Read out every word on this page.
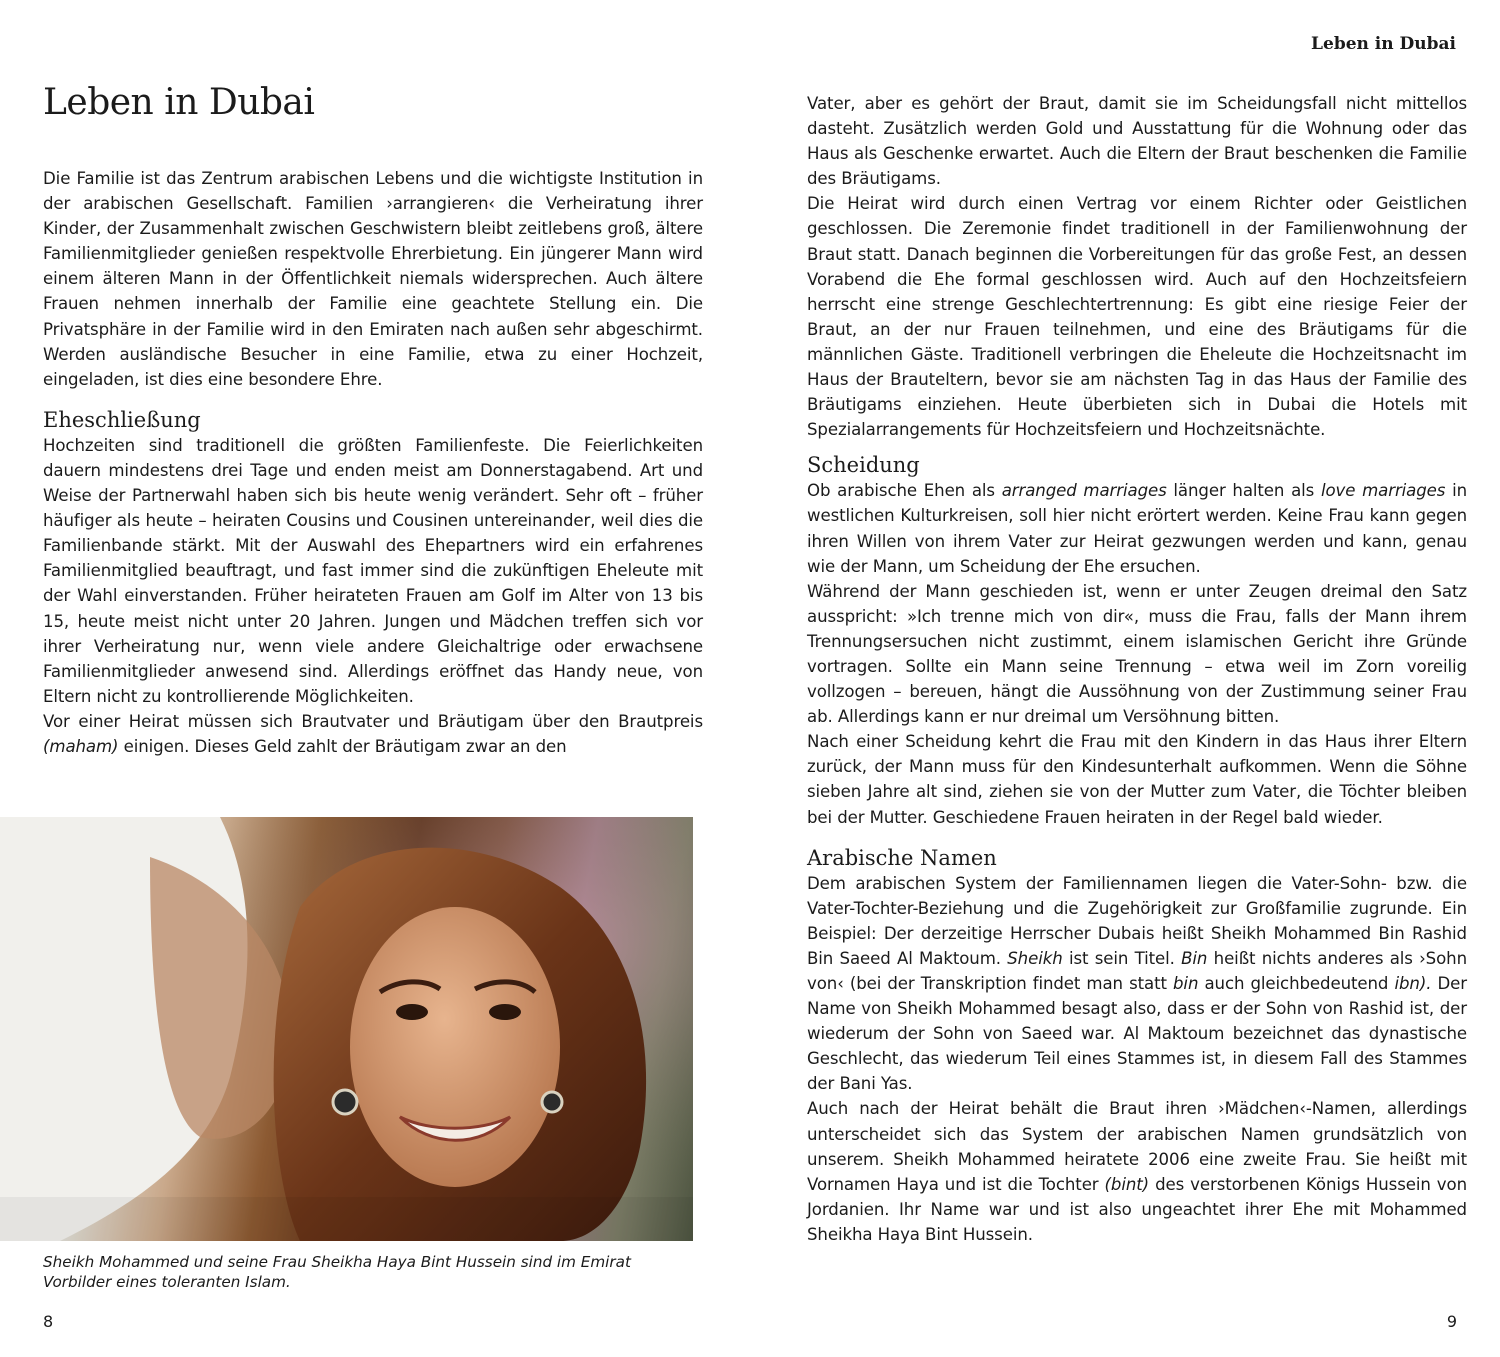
Leben in Dubai
Leben in Dubai

Die Familie ist das Zentrum arabischen Lebens und die wichtigste Institution in der arabischen Gesellschaft. Familien ›arrangieren‹ die Verheiratung ihrer Kinder, der Zusammenhalt zwischen Geschwistern bleibt zeitlebens groß, ältere Familienmitglieder genießen respektvolle Ehrerbietung. Ein jüngerer Mann wird einem älteren Mann in der Öffentlichkeit niemals widersprechen. Auch ältere Frauen nehmen innerhalb der Familie eine geachtete Stellung ein. Die Privatsphäre in der Familie wird in den Emiraten nach außen sehr abgeschirmt. Werden ausländische Besucher in eine Familie, etwa zu einer Hochzeit, eingeladen, ist dies eine besondere Ehre.

Eheschließung

Hochzeiten sind traditionell die größten Familienfeste. Die Feierlichkeiten dauern mindestens drei Tage und enden meist am Donnerstagabend. Art und Weise der Partnerwahl haben sich bis heute wenig verändert. Sehr oft – früher häufiger als heute – heiraten Cousins und Cousinen untereinander, weil dies die Familienbande stärkt. Mit der Auswahl des Ehepartners wird ein erfahrenes Familienmitglied beauftragt, und fast immer sind die zukünftigen Eheleute mit der Wahl einverstanden. Früher heirateten Frauen am Golf im Alter von 13 bis 15, heute meist nicht unter 20 Jahren. Jungen und Mädchen treffen sich vor ihrer Verheiratung nur, wenn viele andere Gleichaltrige oder erwachsene Familienmitglieder anwesend sind. Allerdings eröffnet das Handy neue, von Eltern nicht zu kontrollierende Möglichkeiten.

Vor einer Heirat müssen sich Brautvater und Bräutigam über den Brautpreis (maham) einigen. Dieses Geld zahlt der Bräutigam zwar an den

Sheikh Mohammed und seine Frau Sheikha Haya Bint Hussein sind im Emirat Vorbilder eines toleranten Islam.

8

Vater, aber es gehört der Braut, damit sie im Scheidungsfall nicht mittellos dasteht. Zusätzlich werden Gold und Ausstattung für die Wohnung oder das Haus als Geschenke erwartet. Auch die Eltern der Braut beschenken die Familie des Bräutigams.

Die Heirat wird durch einen Vertrag vor einem Richter oder Geistlichen geschlossen. Die Zeremonie findet traditionell in der Familienwohnung der Braut statt. Danach beginnen die Vorbereitungen für das große Fest, an dessen Vorabend die Ehe formal geschlossen wird. Auch auf den Hochzeitsfeiern herrscht eine strenge Geschlechtertrennung: Es gibt eine riesige Feier der Braut, an der nur Frauen teilnehmen, und eine des Bräutigams für die männlichen Gäste. Traditionell verbringen die Eheleute die Hochzeitsnacht im Haus der Brauteltern, bevor sie am nächsten Tag in das Haus der Familie des Bräutigams einziehen. Heute überbieten sich in Dubai die Hotels mit Spezialarrangements für Hochzeitsfeiern und Hochzeitsnächte.

Scheidung

Ob arabische Ehen als arranged marriages länger halten als love marriages in westlichen Kulturkreisen, soll hier nicht erörtert werden. Keine Frau kann gegen ihren Willen von ihrem Vater zur Heirat gezwungen werden und kann, genau wie der Mann, um Scheidung der Ehe ersuchen.

Während der Mann geschieden ist, wenn er unter Zeugen dreimal den Satz ausspricht: »Ich trenne mich von dir«, muss die Frau, falls der Mann ihrem Trennungsersuchen nicht zustimmt, einem islamischen Gericht ihre Gründe vortragen. Sollte ein Mann seine Trennung – etwa weil im Zorn voreilig vollzogen – bereuen, hängt die Aussöhnung von der Zustimmung seiner Frau ab. Allerdings kann er nur dreimal um Versöhnung bitten.

Nach einer Scheidung kehrt die Frau mit den Kindern in das Haus ihrer Eltern zurück, der Mann muss für den Kindesunterhalt aufkommen. Wenn die Söhne sieben Jahre alt sind, ziehen sie von der Mutter zum Vater, die Töchter bleiben bei der Mutter. Geschiedene Frauen heiraten in der Regel bald wieder.

Arabische Namen

Dem arabischen System der Familiennamen liegen die Vater-Sohn- bzw. die Vater-Tochter-Beziehung und die Zugehörigkeit zur Großfamilie zugrunde. Ein Beispiel: Der derzeitige Herrscher Dubais heißt Sheikh Mohammed Bin Rashid Bin Saeed Al Maktoum. Sheikh ist sein Titel. Bin heißt nichts anderes als ›Sohn von‹ (bei der Transkription findet man statt bin auch gleichbedeutend ibn). Der Name von Sheikh Mohammed besagt also, dass er der Sohn von Rashid ist, der wiederum der Sohn von Saeed war. Al Maktoum bezeichnet das dynastische Geschlecht, das wiederum Teil eines Stammes ist, in diesem Fall des Stammes der Bani Yas.

Auch nach der Heirat behält die Braut ihren ›Mädchen‹-Namen, allerdings unterscheidet sich das System der arabischen Namen grundsätzlich von unserem. Sheikh Mohammed heiratete 2006 eine zweite Frau. Sie heißt mit Vornamen Haya und ist die Tochter (bint) des verstorbenen Königs Hussein von Jordanien. Ihr Name war und ist also ungeachtet ihrer Ehe mit Mohammed Sheikha Haya Bint Hussein.

9
